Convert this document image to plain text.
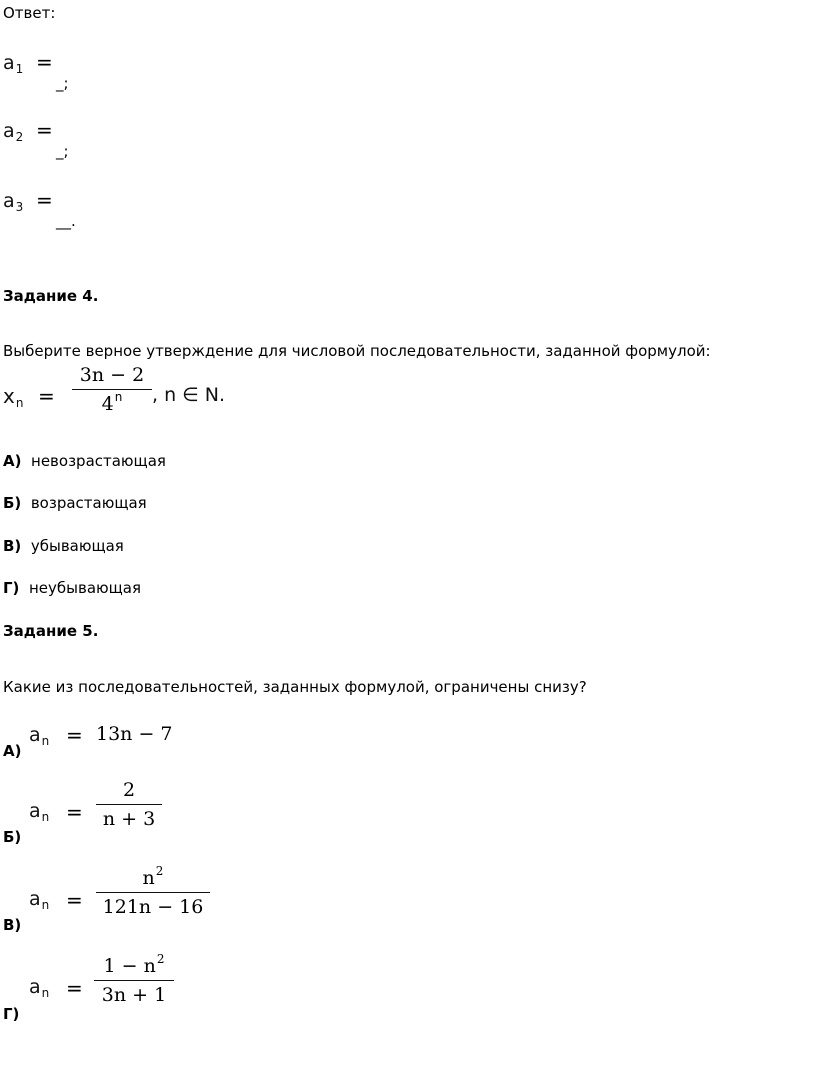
Ответ:
$a_1$ =
_;
$a_2$ =
_;
$a_3$ =
__.
Задание 4.
Выберите верное утверждение для числовой последовательности, заданной формулой:
$x_n$ =
3n − 2
4$^n$	, n ∈ N.
А) невозрастающая
Б) возрастающая
В) убывающая
Г) неубывающая
Задание 5.
Какие из последовательностей, заданных формулой, ограничены снизу?
А)
$a_n = 13n - 7$
Б)
$a_n$ =
2
n + 3
В)
$a_n$ =
$n^2$
121n − 16
Г)
$a_n$ =
$1 - n^2$
3n + 1
